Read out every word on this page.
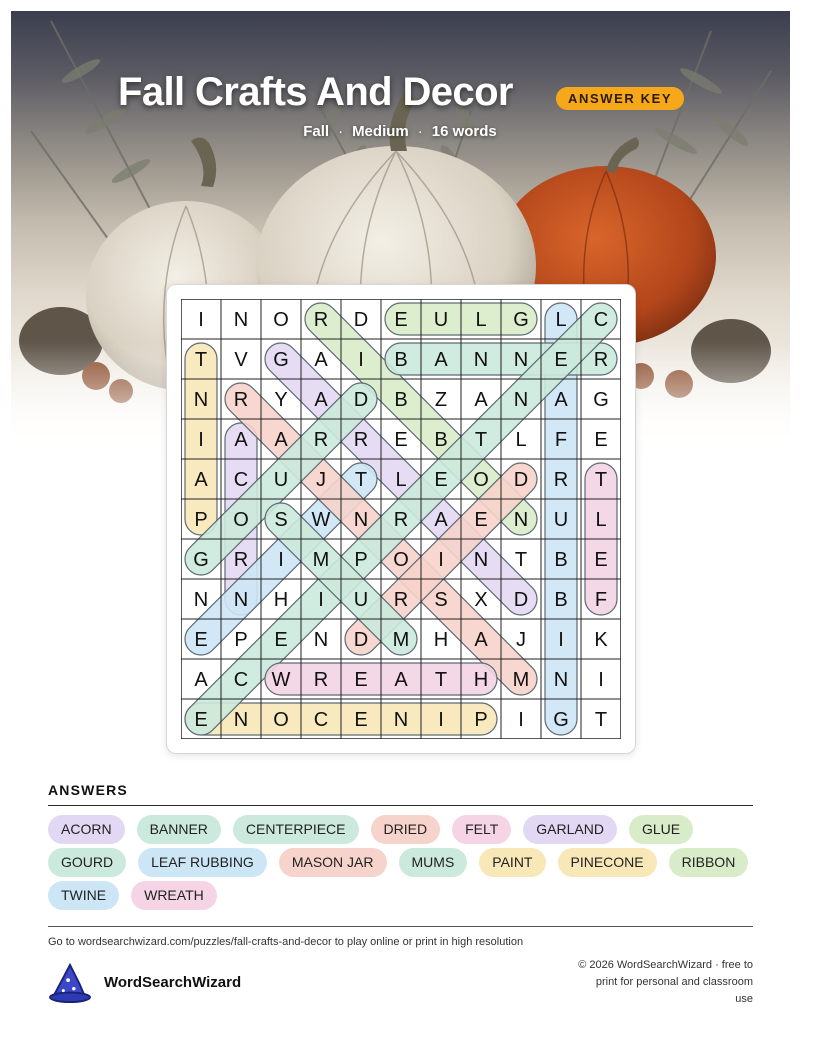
Fall Crafts And Decor	ANSWER KEY
Fall · Medium · 16 words
I N O R D E U L G L C
T V G A I B A N N E R
N R Y A D B Z A N A G
I A A R R E B T L F E
A C U J T L E O D R T
P O S W N R A E N U L
G R I M P O I N T B E
N N H I U R S X D B F
E P E N D M H A J I K
A C W R E A T H M N I
E N O C E N I P I G T
ANSWERS
ACORN	BANNER	CENTERPIECE	DRIED	FELT	GARLAND	GLUE
GOURD	LEAF RUBBING	MASON JAR	MUMS	PAINT	PINECONE	RIBBON
TWINE	WREATH
Go to wordsearchwizard.com/puzzles/fall-crafts-and-decor to play online or print in high resolution
WordSearchWizard
© 2026 WordSearchWizard · free to print for personal and classroom use
